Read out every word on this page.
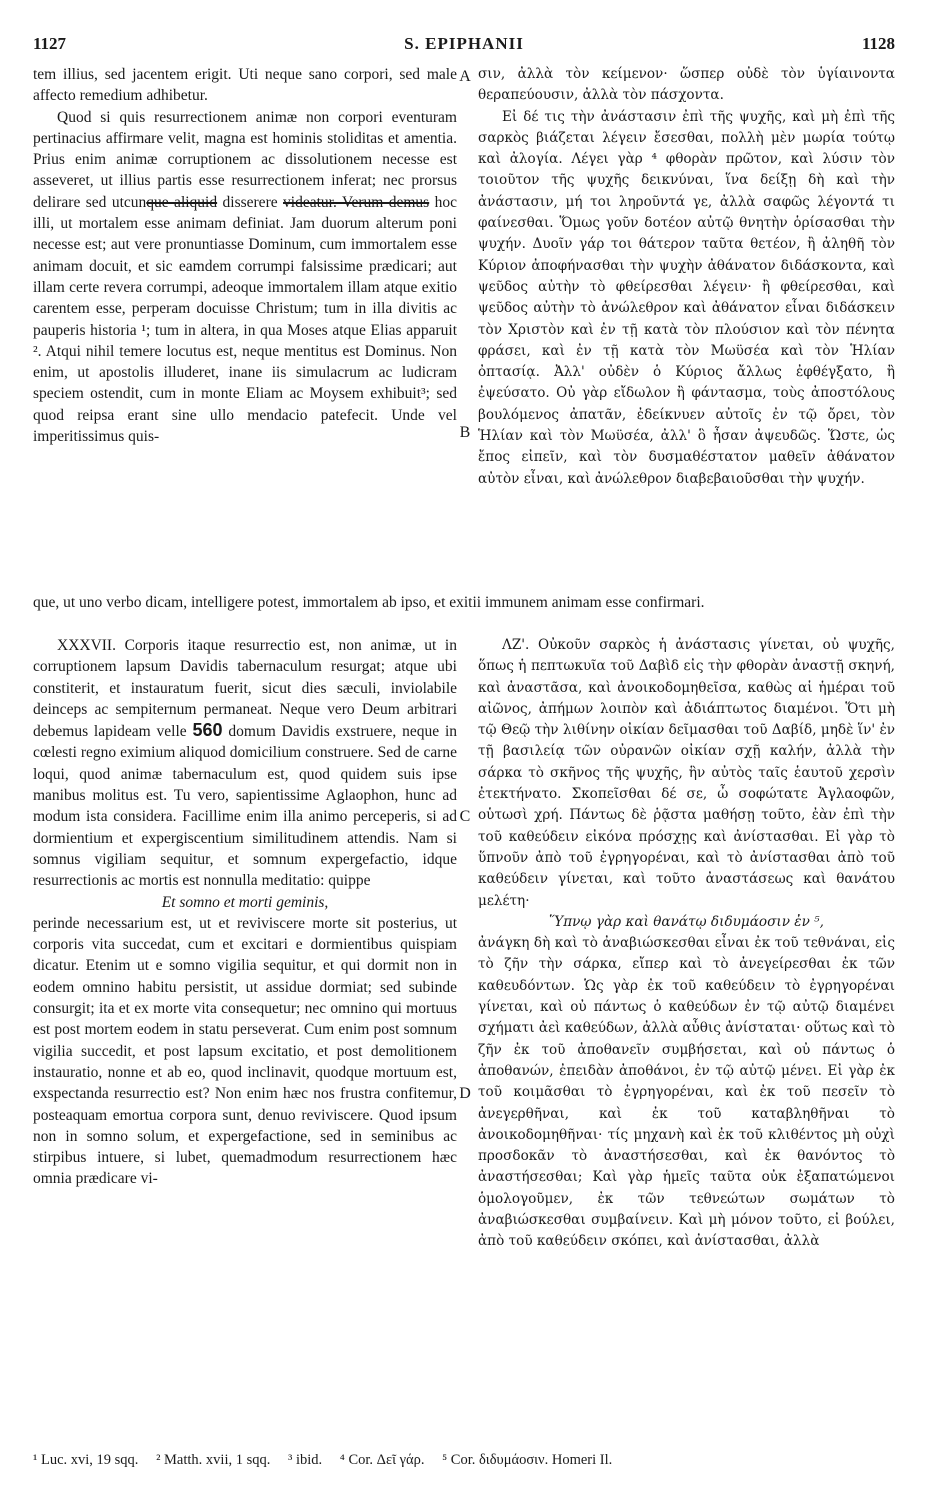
1127	S. EPIPHANII	1128

tem illius, sed jacentem erigit. Uti neque sano corpori, sed male affecto remedium adhibetur.

Quod si quis resurrectionem animæ non corpori eventuram pertinacius affirmare velit, magna est hominis stoliditas et amentia. Prius enim animæ corruptionem ac dissolutionem necesse est asseveret, ut illius partis esse resurrectionem inferat; nec prorsus delirare sed utcunque aliquid disserere videatur. Verum demus hoc illi, ut mortalem esse animam definiat. Jam duorum alterum poni necesse est; aut vere pronuntiasse Dominum, cum immortalem esse animam docuit, et sic eamdem corrumpi falsissime prædicari; aut illam certe revera corrumpi, adeoque immortalem illam atque exitio carentem esse, perperam docuisse Christum; tum in illa divitis ac pauperis historia ¹; tum in altera, in qua Moses atque Elias apparuit ². Atqui nihil temere locutus est, neque mentitus est Dominus. Non enim, ut apostolis illuderet, inane iis simulacrum ac ludicram speciem ostendit, cum in monte Eliam ac Moysem exhibuit³; sed quod reipsa erant sine ullo mendacio patefecit. Unde vel imperitissimus quis-

σιν, ἀλλὰ τὸν κείμενον· ὥσπερ οὐδὲ τὸν ὑγίαινοντα θεραπεύουσιν, ἀλλὰ τὸν πάσχοντα.

Εἰ δέ τις τὴν ἀνάστασιν ἐπὶ τῆς ψυχῆς, καὶ μὴ ἐπὶ τῆς σαρκὸς βιάζεται λέγειν ἔσεσθαι, πολλὴ μὲν μωρία τούτῳ καὶ ἀλογία. Λέγει γὰρ ⁴ φθορὰν πρῶτον, καὶ λύσιν τὸν τοιοῦτον τῆς ψυχῆς δεικνύναι, ἵνα δείξῃ δὴ καὶ τὴν ἀνάστασιν, μή τοι ληροῦντά γε, ἀλλὰ σαφῶς λέγοντά τι φαίνεσθαι. Ὅμως γοῦν δοτέον αὐτῷ θνητὴν ὁρίσασθαι τὴν ψυχήν. Δυοῖν γάρ τοι θάτερον ταῦτα θετέον, ἢ ἀληθῆ τὸν Κύριον ἀποφήνασθαι τὴν ψυχὴν ἀθάνατον διδάσκοντα, καὶ ψεῦδος αὐτὴν τὸ φθείρεσθαι λέγειν· ἢ φθείρεσθαι, καὶ ψεῦδος αὐτὴν τὸ ἀνώλεθρον καὶ ἀθάνατον εἶναι διδάσκειν τὸν Χριστὸν καὶ ἐν τῇ κατὰ τὸν πλούσιον καὶ τὸν πένητα φράσει, καὶ ἐν τῇ κατὰ τὸν Μωϋσέα καὶ τὸν Ἡλίαν ὀπτασίᾳ. Ἀλλ' οὐδὲν ὁ Κύριος ἄλλως ἐφθέγξατο, ἢ ἐψεύσατο. Οὐ γὰρ εἴδωλον ἢ φάντασμα, τοὺς ἀποστόλους βουλόμενος ἀπατᾶν, ἐδείκνυεν αὐτοῖς ἐν τῷ ὄρει, τὸν Ἡλίαν καὶ τὸν Μωϋσέα, ἀλλ' ὃ ἦσαν ἀψευδῶς. Ὥστε, ὡς ἔπος εἰπεῖν, καὶ τὸν δυσμαθέστατον μαθεῖν ἀθάνατον αὐτὸν εἶναι, καὶ ἀνώλεθρον διαβεβαιοῦσθαι τὴν ψυχήν.

que, ut uno verbo dicam, intelligere potest, immortalem ab ipso, et exitii immunem animam esse confirmari.

XXXVII. Corporis itaque resurrectio est, non animæ, ut in corruptionem lapsum Davidis tabernaculum resurgat; atque ubi constiterit, et instauratum fuerit, sicut dies sæculi, inviolabile deinceps ac sempiternum permaneat. Neque vero Deum arbitrari debemus lapideam velle 560 domum Davidis exstruere, neque in cœlesti regno eximium aliquod domicilium construere. Sed de carne loqui, quod animæ tabernaculum est, quod quidem suis ipse manibus molitus est. Tu vero, sapientissime Aglaophon, hunc ad modum ista considera. Facillime enim illa animo perceperis, si ad dormientium et expergiscentium similitudinem attendis. Nam si somnus vigiliam sequitur, et somnum expergefactio, idque resurrectionis ac mortis est nonnulla meditatio: quippe

Et somno et morti geminis,

perinde necessarium est, ut et reviviscere morte sit posterius, ut corporis vita succedat, cum et excitari e dormientibus quispiam dicatur. Etenim ut e somno vigilia sequitur, et qui dormit non in eodem omnino habitu persistit, ut assidue dormiat; sed subinde consurgit; ita et ex morte vita consequetur; nec omnino qui mortuus est post mortem eodem in statu perseverat. Cum enim post somnum vigilia succedit, et post lapsum excitatio, et post demolitionem instauratio, nonne et ab eo, quod inclinavit, quodque mortuum est, exspectanda resurrectio est? Non enim hæc nos frustra confitemur, posteaquam emortua corpora sunt, denuo reviviscere. Quod ipsum non in somno solum, et expergefactione, sed in seminibus ac stirpibus intuere, si lubet, quemadmodum resurrectionem hæc omnia prædicare vi-

ΛΖ'. Οὐκοῦν σαρκὸς ἡ ἀνάστασις γίνεται, οὐ ψυχῆς, ὅπως ἡ πεπτωκυῖα τοῦ Δαβὶδ εἰς τὴν φθορὰν ἀναστῇ σκηνή, καὶ ἀναστᾶσα, καὶ ἀνοικοδομηθεῖσα, καθὼς αἱ ἡμέραι τοῦ αἰῶνος, ἀπήμων λοιπὸν καὶ ἀδιάπτωτος διαμένοι. Ὅτι μὴ τῷ Θεῷ τὴν λιθίνην οἰκίαν δεῖμασθαι τοῦ Δαβίδ, μηδὲ ἵν' ἐν τῇ βασιλείᾳ τῶν οὐρανῶν οἰκίαν σχῇ καλήν, ἀλλὰ τὴν σάρκα τὸ σκῆνος τῆς ψυχῆς, ἣν αὐτὸς ταῖς ἑαυτοῦ χερσὶν ἐτεκτήνατο. Σκοπεῖσθαι δέ σε, ὦ σοφώτατε Ἀγλαοφῶν, οὑτωσὶ χρή. Πάντως δὲ ῥᾷστα μαθήσῃ τοῦτο, ἐὰν ἐπὶ τὴν τοῦ καθεύδειν εἰκόνα πρόσχῃς καὶ ἀνίστασθαι. Εἰ γὰρ τὸ ὕπνοῦν ἀπὸ τοῦ ἐγρηγορέναι, καὶ τὸ ἀνίστασθαι ἀπὸ τοῦ καθεύδειν γίνεται, καὶ τοῦτο ἀναστάσεως καὶ θανάτου μελέτη·

Ὕπνῳ γὰρ καὶ θανάτῳ διδυμάοσιν ἐν ⁵,

ἀνάγκη δὴ καὶ τὸ ἀναβιώσκεσθαι εἶναι ἐκ τοῦ τεθνάναι, εἰς τὸ ζῆν τὴν σάρκα, εἴπερ καὶ τὸ ἀνεγείρεσθαι ἐκ τῶν καθευδόντων. Ὡς γὰρ ἐκ τοῦ καθεύδειν τὸ ἐγρηγορέναι γίνεται, καὶ οὐ πάντως ὁ καθεύδων ἐν τῷ αὐτῷ διαμένει σχήματι ἀεὶ καθεύδων, ἀλλὰ αὖθις ἀνίσταται· οὕτως καὶ τὸ ζῆν ἐκ τοῦ ἀποθανεῖν συμβήσεται, καὶ οὐ πάντως ὁ ἀποθανών, ἐπειδὰν ἀποθάνοι, ἐν τῷ αὐτῷ μένει. Εἰ γὰρ ἐκ τοῦ κοιμᾶσθαι τὸ ἐγρηγορέναι, καὶ ἐκ τοῦ πεσεῖν τὸ ἀνεγερθῆναι, καὶ ἐκ τοῦ καταβληθῆναι τὸ ἀνοικοδομηθῆναι· τίς μηχανὴ καὶ ἐκ τοῦ κλιθέντος μὴ οὐχὶ προσδοκᾶν τὸ ἀναστήσεσθαι, καὶ ἐκ θανόντος τὸ ἀναστήσεσθαι; Καὶ γὰρ ἡμεῖς ταῦτα οὐκ ἐξαπατώμενοι ὁμολογοῦμεν, ἐκ τῶν τεθνεώτων σωμάτων τὸ ἀναβιώσκεσθαι συμβαίνειν. Καὶ μὴ μόνον τοῦτο, εἰ βούλει, ἀπὸ τοῦ καθεύδειν σκόπει, καὶ ἀνίστασθαι, ἀλλὰ

A
B
C
D
¹ Luc. xvi, 19 sqq. ² Matth. xvii, 1 sqq. ³ ibid. ⁴ Cor. Δεῖ γάρ. ⁵ Cor. διδυμάοσιν. Homeri Il.
